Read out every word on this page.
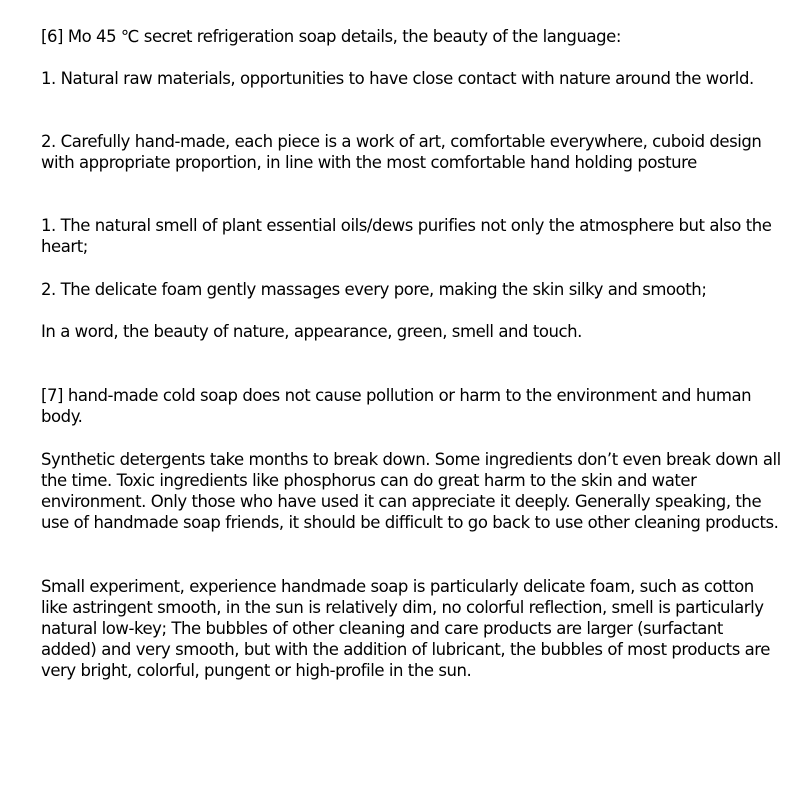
[6] Mo 45 ℃ secret refrigeration soap details, the beauty of the language:

1. Natural raw materials, opportunities to have close contact with nature around the world.

2. Carefully hand-made, each piece is a work of art, comfortable everywhere, cuboid design with appropriate proportion, in line with the most comfortable hand holding posture

1. The natural smell of plant essential oils/dews purifies not only the atmosphere but also the heart;

2. The delicate foam gently massages every pore, making the skin silky and smooth;

In a word, the beauty of nature, appearance, green, smell and touch.

[7] hand-made cold soap does not cause pollution or harm to the environment and human body.

Synthetic detergents take months to break down. Some ingredients don’t even break down all the time. Toxic ingredients like phosphorus can do great harm to the skin and water environment. Only those who have used it can appreciate it deeply. Generally speaking, the use of handmade soap friends, it should be difficult to go back to use other cleaning products.

Small experiment, experience handmade soap is particularly delicate foam, such as cotton like astringent smooth, in the sun is relatively dim, no colorful reflection, smell is particularly natural low-key; The bubbles of other cleaning and care products are larger (surfactant added) and very smooth, but with the addition of lubricant, the bubbles of most products are very bright, colorful, pungent or high-profile in the sun.
